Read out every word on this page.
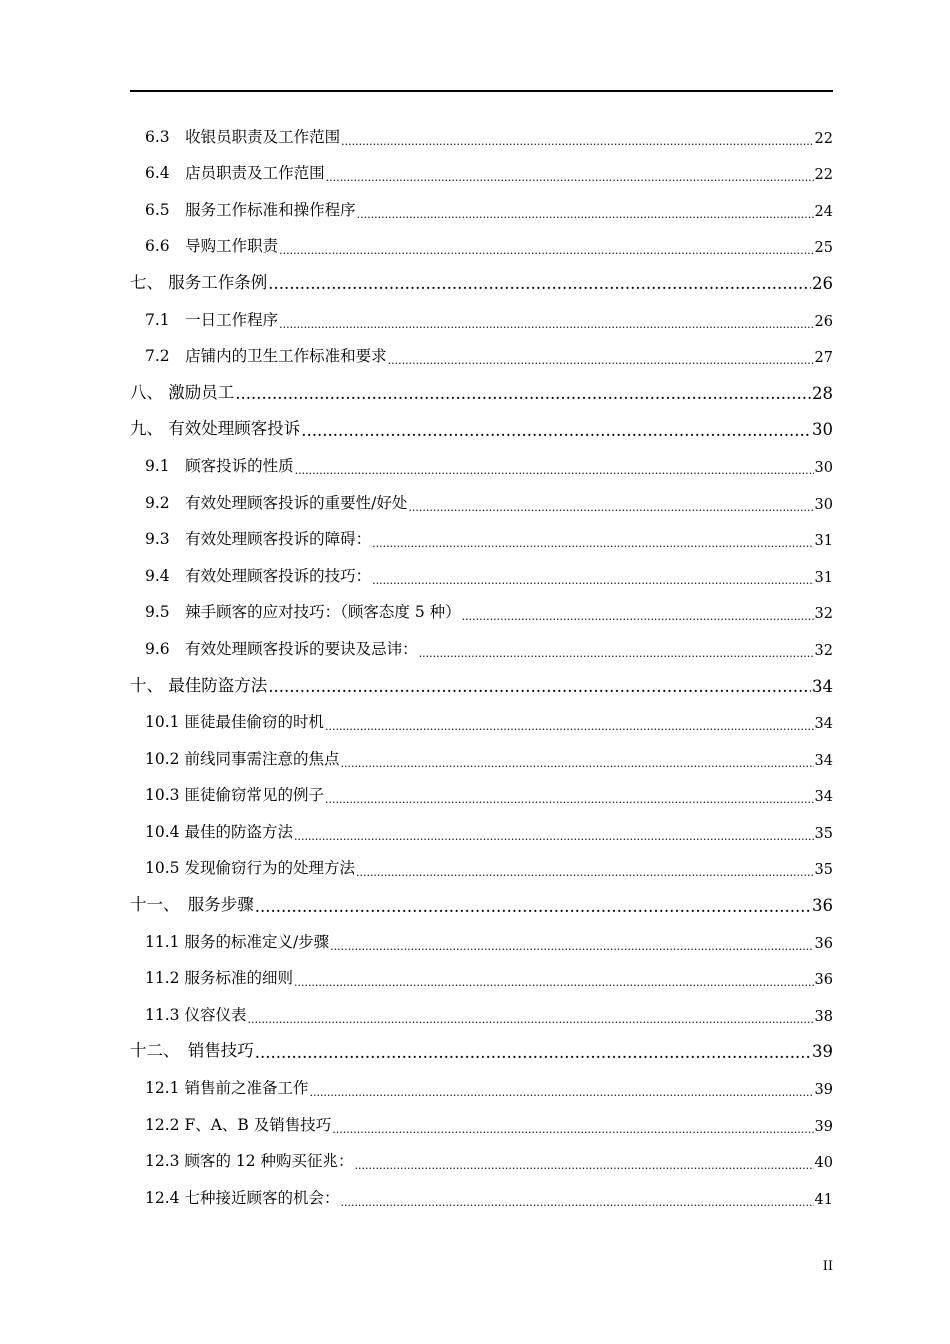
6.3　收银员职责及工作范围 .....	22
6.4　店员职责及工作范围 .....	22
6.5　服务工作标准和操作程序 .....	24
6.6　导购工作职责 .....	25
七、 服务工作条例 .....	26
7.1　一日工作程序 .....	26
7.2　店铺内的卫生工作标准和要求 .....	27
八、 激励员工 .....	28
九、 有效处理顾客投诉 .....	30
9.1　顾客投诉的性质 .....	30
9.2　有效处理顾客投诉的重要性/好处 .....	30
9.3　有效处理顾客投诉的障碍： .....	31
9.4　有效处理顾客投诉的技巧： .....	31
9.5　辣手顾客的应对技巧：（顾客态度 5 种） .....	32
9.6　有效处理顾客投诉的要诀及忌讳： .....	32
十、 最佳防盗方法 .....	34
10.1 匪徒最佳偷窃的时机 .....	34
10.2 前线同事需注意的焦点 .....	34
10.3 匪徒偷窃常见的例子 .....	34
10.4 最佳的防盗方法 .....	35
10.5 发现偷窃行为的处理方法 .....	35
十一、　服务步骤 .....	36
11.1 服务的标准定义/步骤 .....	36
11.2 服务标准的细则 .....	36
11.3 仪容仪表 .....	38
十二、　销售技巧 .....	39
12.1 销售前之准备工作 .....	39
12.2 F、A、B 及销售技巧 .....	39
12.3 顾客的 12 种购买征兆： .....	40
12.4 七种接近顾客的机会： .....	41
II
